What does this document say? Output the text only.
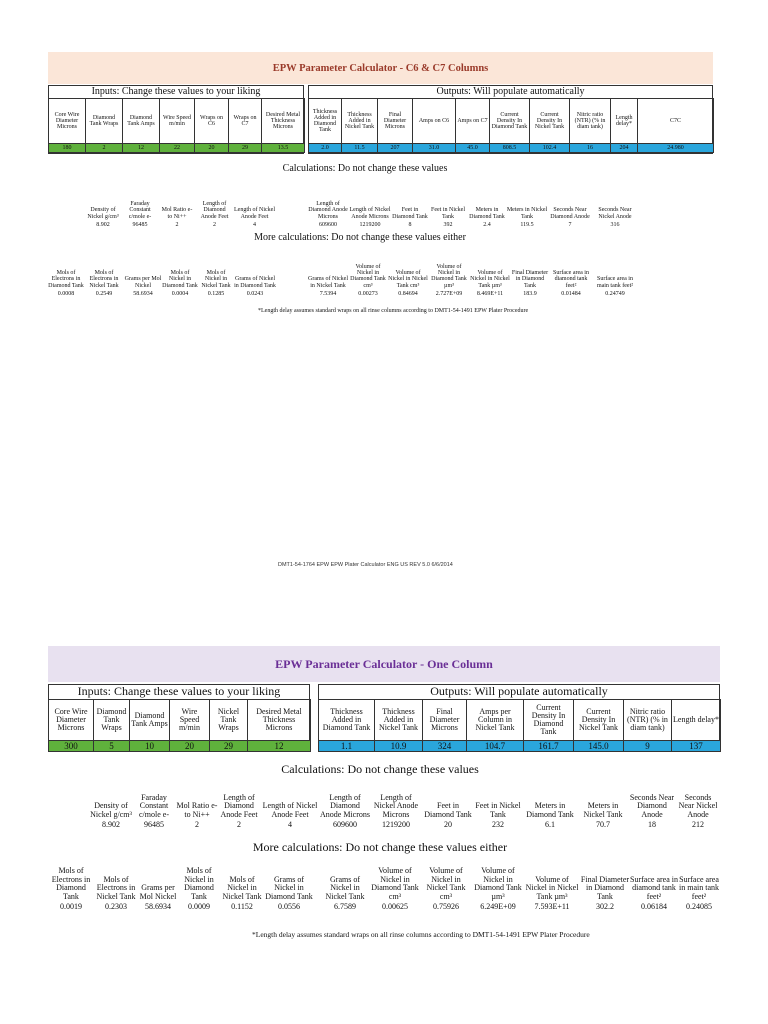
EPW Parameter Calculator - C6 & C7 Columns
Inputs: Change these values to your liking
Core Wire Diameter Microns	Diamond Tank Wraps	Diamond Tank Amps	Wire Speed m/min	Wraps on C6	Wraps on C7	Desired Metal Thickness Microns
180	2	12	22	20	29	13.5
Outputs: Will populate automatically
Thickness Added in Diamond Tank	Thickness Added in Nickel Tank	Final Diameter Microns	Amps on C6	Amps on C7	Current Density In Diamond Tank	Current Density In Nickel Tank	Nitric ratio (NTR) (% in diam tank)	Length delay*	C7C
2.0	11.5	207	31.0	45.0	808.5	102.4	16	204	24.980
Calculations: Do not change these values
Density of Nickel g/cm³	Faraday Constant c/mole e-	Mol Ratio e- to Ni++	Length of Diamond Anode Feet	Length of Nickel Anode Feet
8.902	96485	2	2	4
Length of Diamond Anode Microns	Length of Nickel Anode Microns	Feet in Diamond Tank	Feet in Nickel Tank	Meters in Diamond Tank	Meters in Nickel Tank	Seconds Near Diamond Anode	Seconds Near Nickel Anode
609600	1219200	8	392	2.4	119.5	7	316
More calculations: Do not change these values either
Mols of Electrons in Diamond Tank	Mols of Electrons in Nickel Tank	Grams per Mol Nickel	Mols of Nickel in Diamond Tank	Mols of Nickel in Nickel Tank	Grams of Nickel in Diamond Tank
0.0008	0.2549	58.6934	0.0004	0.1285	0.0243
Grams of Nickel in Nickel Tank	Volume of Nickel in Diamond Tank cm³	Volume of Nickel in Nickel Tank cm³	Volume of Nickel in Diamond Tank µm³	Volume of Nickel in Nickel Tank µm³	Final Diameter in Diamond Tank	Surface area in diamond tank feet²	Surface area in main tank feet²
7.5394	0.00273	0.84694	2.727E+09	8.469E+11	183.9	0.01484	0.24749
*Length delay assumes standard wraps on all rinse columns according to DMT1-54-1491 EPW Plater Procedure
DMT1-54-1764 EPW EPW Plater Calculator ENG US REV 5.0 6/6/2014
EPW Parameter Calculator - One Column
Inputs: Change these values to your liking
Core Wire Diameter Microns	Diamond Tank Wraps	Diamond Tank Amps	Wire Speed m/min	Nickel Tank Wraps	Desired Metal Thickness Microns
300	5	10	20	29	12
Outputs: Will populate automatically
Thickness Added in Diamond Tank	Thickness Added in Nickel Tank	Final Diameter Microns	Amps per Column in Nickel Tank	Current Density In Diamond Tank	Current Density In Nickel Tank	Nitric ratio (NTR) (% in diam tank)	Length delay*
1.1	10.9	324	104.7	161.7	145.0	9	137
Calculations: Do not change these values
Density of Nickel g/cm³	Faraday Constant c/mole e-	Mol Ratio e- to Ni++	Length of Diamond Anode Feet	Length of Nickel Anode Feet
8.902	96485	2	2	4
Length of Diamond Anode Microns	Length of Nickel Anode Microns	Feet in Diamond Tank	Feet in Nickel Tank	Meters in Diamond Tank	Meters in Nickel Tank	Seconds Near Diamond Anode	Seconds Near Nickel Anode
609600	1219200	20	232	6.1	70.7	18	212
More calculations: Do not change these values either
Mols of Electrons in Diamond Tank	Mols of Electrons in Nickel Tank	Grams per Mol Nickel	Mols of Nickel in Diamond Tank	Mols of Nickel in Nickel Tank	Grams of Nickel in Diamond Tank
0.0019	0.2303	58.6934	0.0009	0.1152	0.0556
Grams of Nickel in Nickel Tank	Volume of Nickel in Diamond Tank cm³	Volume of Nickel in Nickel Tank cm³	Volume of Nickel in Diamond Tank µm³	Volume of Nickel in Nickel Tank µm³	Final Diameter in Diamond Tank	Surface area in diamond tank feet²	Surface area in main tank feet²
6.7589	0.00625	0.75926	6.249E+09	7.593E+11	302.2	0.06184	0.24085
*Length delay assumes standard wraps on all rinse columns according to DMT1-54-1491 EPW Plater Procedure
